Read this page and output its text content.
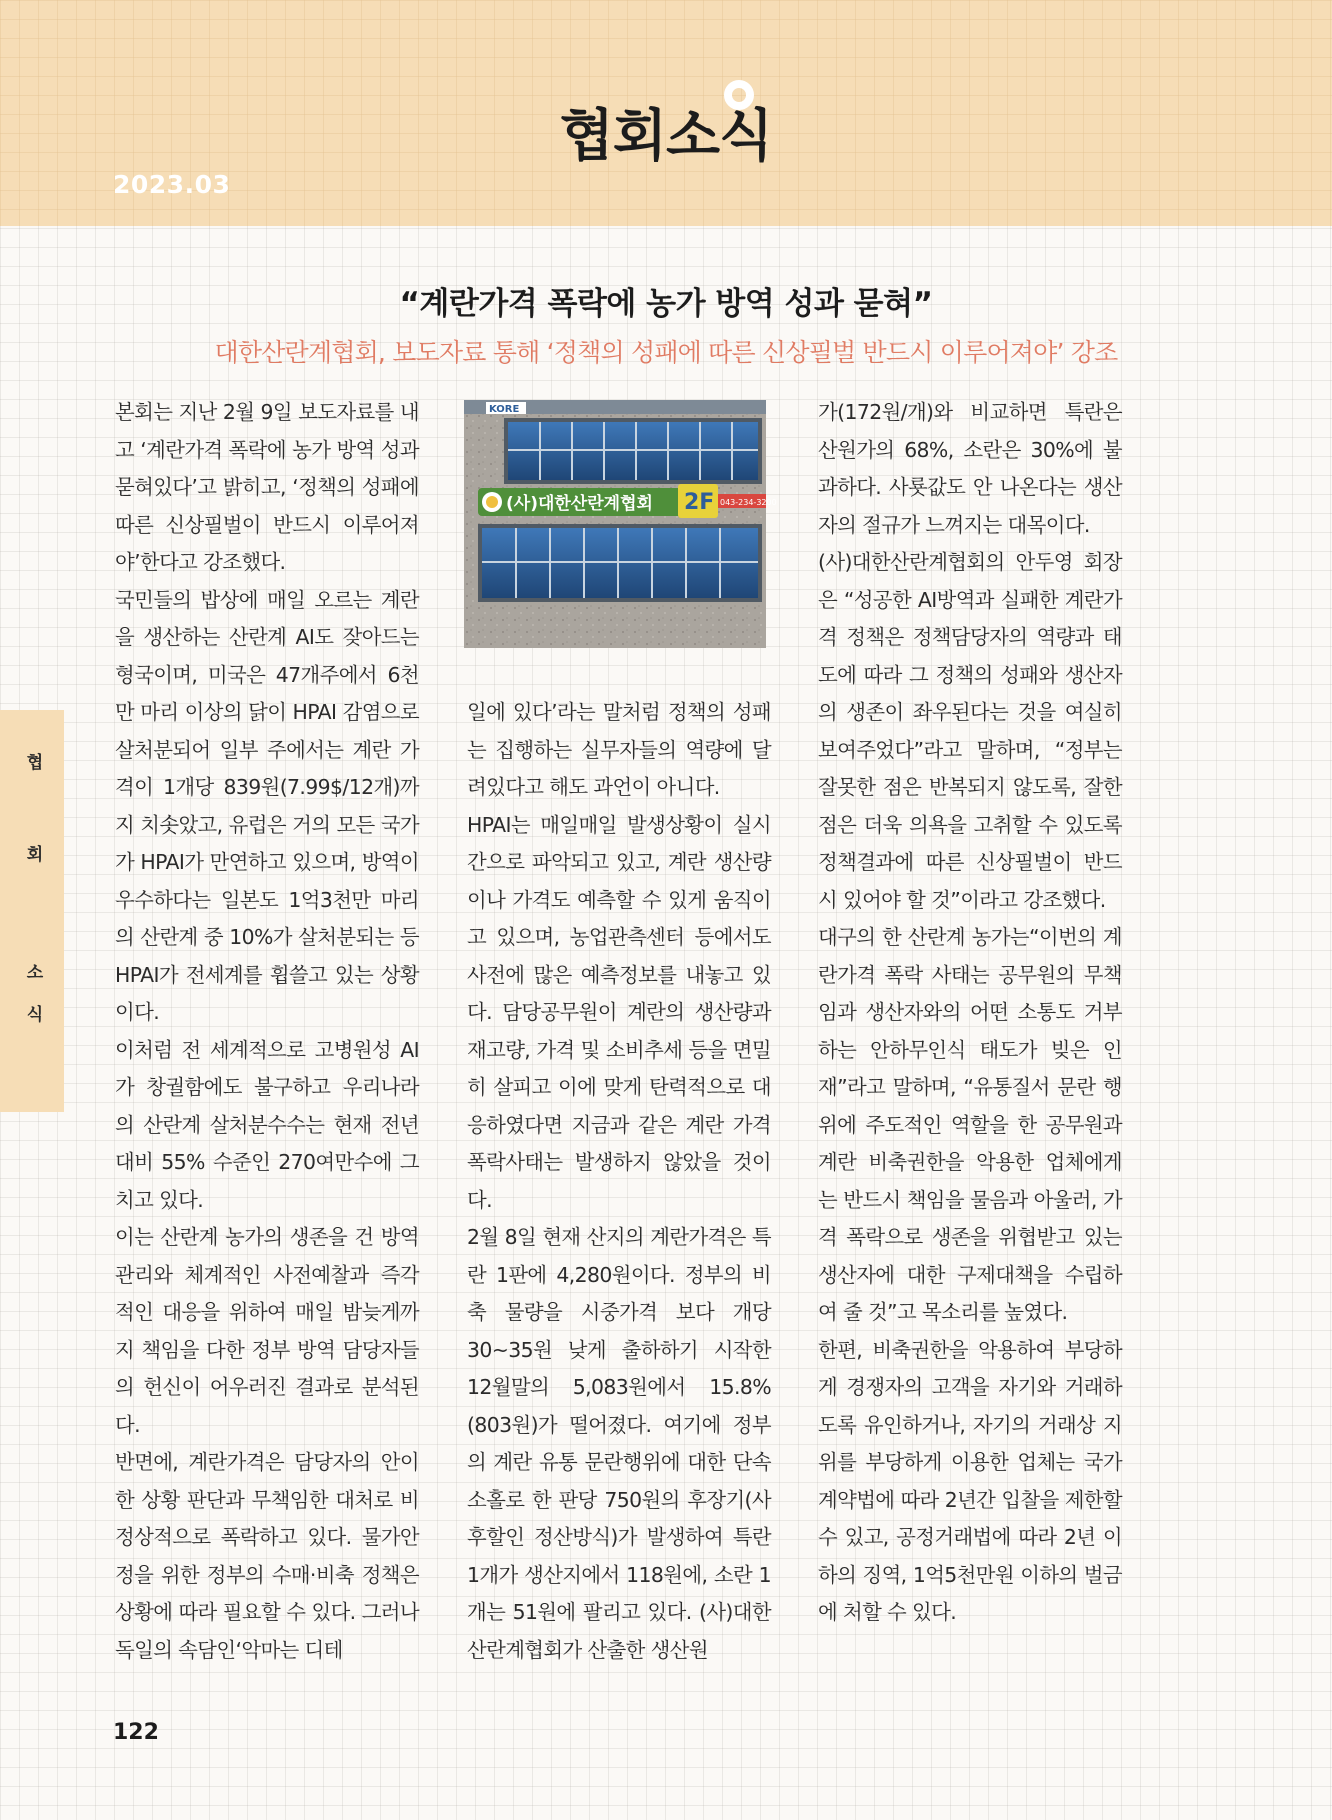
협회소식
2023.03
협
회
소
식
“계란가격 폭락에 농가 방역 성과 묻혀”
대한산란계협회, 보도자료 통해 ‘정책의 성패에 따른 신상필벌 반드시 이루어져야’ 강조

본회는 지난 2월 9일 보도자료를 내고 ‘계란가격 폭락에 농가 방역 성과 묻혀있다’고 밝히고, ‘정책의 성패에 따른 신상필벌이 반드시 이루어져야’한다고 강조했다.

국민들의 밥상에 매일 오르는 계란을 생산하는 산란계 AI도 잦아드는 형국이며, 미국은 47개주에서 6천만 마리 이상의 닭이 HPAI 감염으로 살처분되어 일부 주에서는 계란 가격이 1개당 839원(7.99$/12개)까지 치솟았고, 유럽은 거의 모든 국가가 HPAI가 만연하고 있으며, 방역이 우수하다는 일본도 1억3천만 마리의 산란계 중 10%가 살처분되는 등 HPAI가 전세계를 휩쓸고 있는 상황이다.

이처럼 전 세계적으로 고병원성 AI가 창궐함에도 불구하고 우리나라의 산란계 살처분수수는 현재 전년대비 55% 수준인 270여만수에 그치고 있다.

이는 산란계 농가의 생존을 건 방역 관리와 체계적인 사전예찰과 즉각적인 대응을 위하여 매일 밤늦게까지 책임을 다한 정부 방역 담당자들의 헌신이 어우러진 결과로 분석된다.

반면에, 계란가격은 담당자의 안이한 상황 판단과 무책임한 대처로 비정상적으로 폭락하고 있다. 물가안정을 위한 정부의 수매·비축 정책은 상황에 따라 필요할 수 있다. 그러나 독일의 속담인‘악마는 디테

KORE
(사)대한산란계협회 2F 043-234-3200

일에 있다’라는 말처럼 정책의 성패는 집행하는 실무자들의 역량에 달려있다고 해도 과언이 아니다.

HPAI는 매일매일 발생상황이 실시간으로 파악되고 있고, 계란 생산량이나 가격도 예측할 수 있게 움직이고 있으며, 농업관측센터 등에서도 사전에 많은 예측정보를 내놓고 있다. 담당공무원이 계란의 생산량과 재고량, 가격 및 소비추세 등을 면밀히 살피고 이에 맞게 탄력적으로 대응하였다면 지금과 같은 계란 가격 폭락사태는 발생하지 않았을 것이다.

2월 8일 현재 산지의 계란가격은 특란 1판에 4,280원이다. 정부의 비축 물량을 시중가격 보다 개당 30~35원 낮게 출하하기 시작한 12월말의 5,083원에서 15.8%(803원)가 떨어졌다. 여기에 정부의 계란 유통 문란행위에 대한 단속 소홀로 한 판당 750원의 후장기(사후할인 정산방식)가 발생하여 특란 1개가 생산지에서 118원에, 소란 1개는 51원에 팔리고 있다. (사)대한산란계협회가 산출한 생산원

가(172원/개)와 비교하면 특란은 산원가의 68%, 소란은 30%에 불과하다. 사룟값도 안 나온다는 생산자의 절규가 느껴지는 대목이다.

(사)대한산란계협회의 안두영 회장은 “성공한 AI방역과 실패한 계란가격 정책은 정책담당자의 역량과 태도에 따라 그 정책의 성패와 생산자의 생존이 좌우된다는 것을 여실히 보여주었다”라고 말하며, “정부는 잘못한 점은 반복되지 않도록, 잘한 점은 더욱 의욕을 고취할 수 있도록 정책결과에 따른 신상필벌이 반드시 있어야 할 것”이라고 강조했다.

대구의 한 산란계 농가는“이번의 계란가격 폭락 사태는 공무원의 무책임과 생산자와의 어떤 소통도 거부하는 안하무인식 태도가 빚은 인재”라고 말하며, “유통질서 문란 행위에 주도적인 역할을 한 공무원과 계란 비축권한을 악용한 업체에게는 반드시 책임을 물음과 아울러, 가격 폭락으로 생존을 위협받고 있는 생산자에 대한 구제대책을 수립하여 줄 것”고 목소리를 높였다.

한편, 비축권한을 악용하여 부당하게 경쟁자의 고객을 자기와 거래하도록 유인하거나, 자기의 거래상 지위를 부당하게 이용한 업체는 국가계약법에 따라 2년간 입찰을 제한할 수 있고, 공정거래법에 따라 2년 이하의 징역, 1억5천만원 이하의 벌금에 처할 수 있다.

122
